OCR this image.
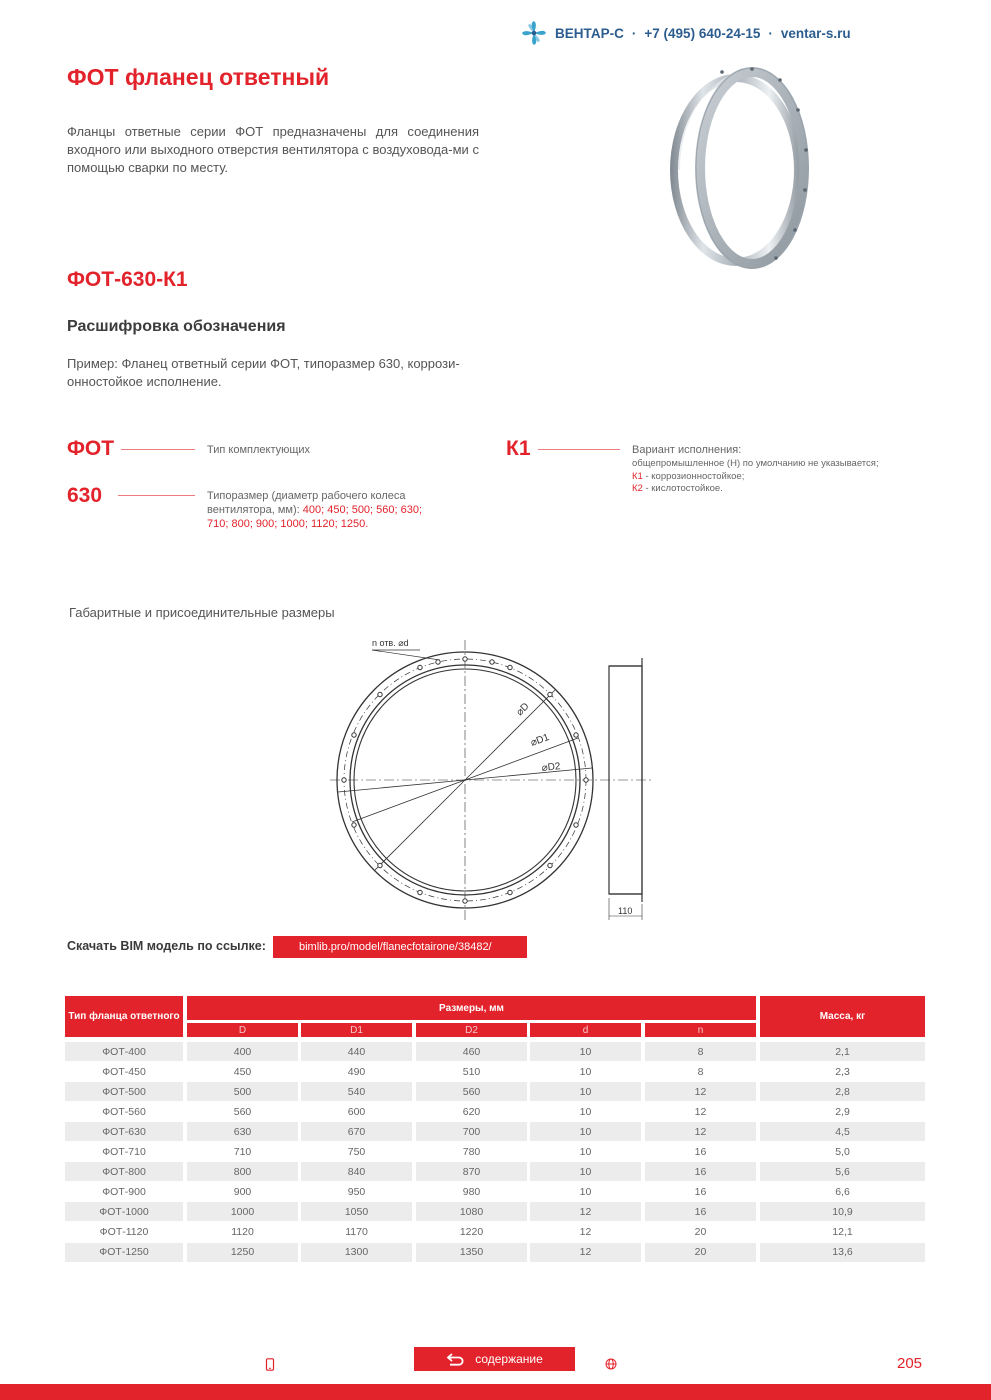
ВЕНТАР-С · +7 (495) 640-24-15 · ventar-s.ru
ФОТ фланец ответный
Фланцы ответные серии ФОТ предназначены для соединения входного или выходного отверстия вентилятора с воздуховода-ми с помощью сварки по месту.
ФОТ-630-К1
Расшифровка обозначения
Пример: Фланец ответный серии ФОТ, типоразмер 630, коррози-онностойкое исполнение.
ФОТ	Тип комплектующих
630	Типоразмер (диаметр рабочего колеса вентилятора, мм): 400; 450; 500; 560; 630; 710; 800; 900; 1000; 1120; 1250.
К1	Вариант исполнения:
общепромышленное (Н) по умолчанию не указывается;
К1 - коррозионностойкое;
К2 - кислотостойкое.
Габаритные и присоединительные размеры
n отв. ⌀d
⌀D
⌀D1
⌀D2
110
Скачать BIM модель по ссылке:	bimlib.pro/model/flanecfotairone/38482/
Тип фланца ответного
Размеры, мм
Масса, кг
D	D1	D2	d	n
ФОТ-400	400	440	460	10	8	2,1
ФОТ-450	450	490	510	10	8	2,3
ФОТ-500	500	540	560	10	12	2,8
ФОТ-560	560	600	620	10	12	2,9
ФОТ-630	630	670	700	10	12	4,5
ФОТ-710	710	750	780	10	16	5,0
ФОТ-800	800	840	870	10	16	5,6
ФОТ-900	900	950	980	10	16	6,6
ФОТ-1000	1000	1050	1080	12	16	10,9
ФОТ-1120	1120	1170	1220	12	20	12,1
ФОТ-1250	1250	1300	1350	12	20	13,6
содержание	205
